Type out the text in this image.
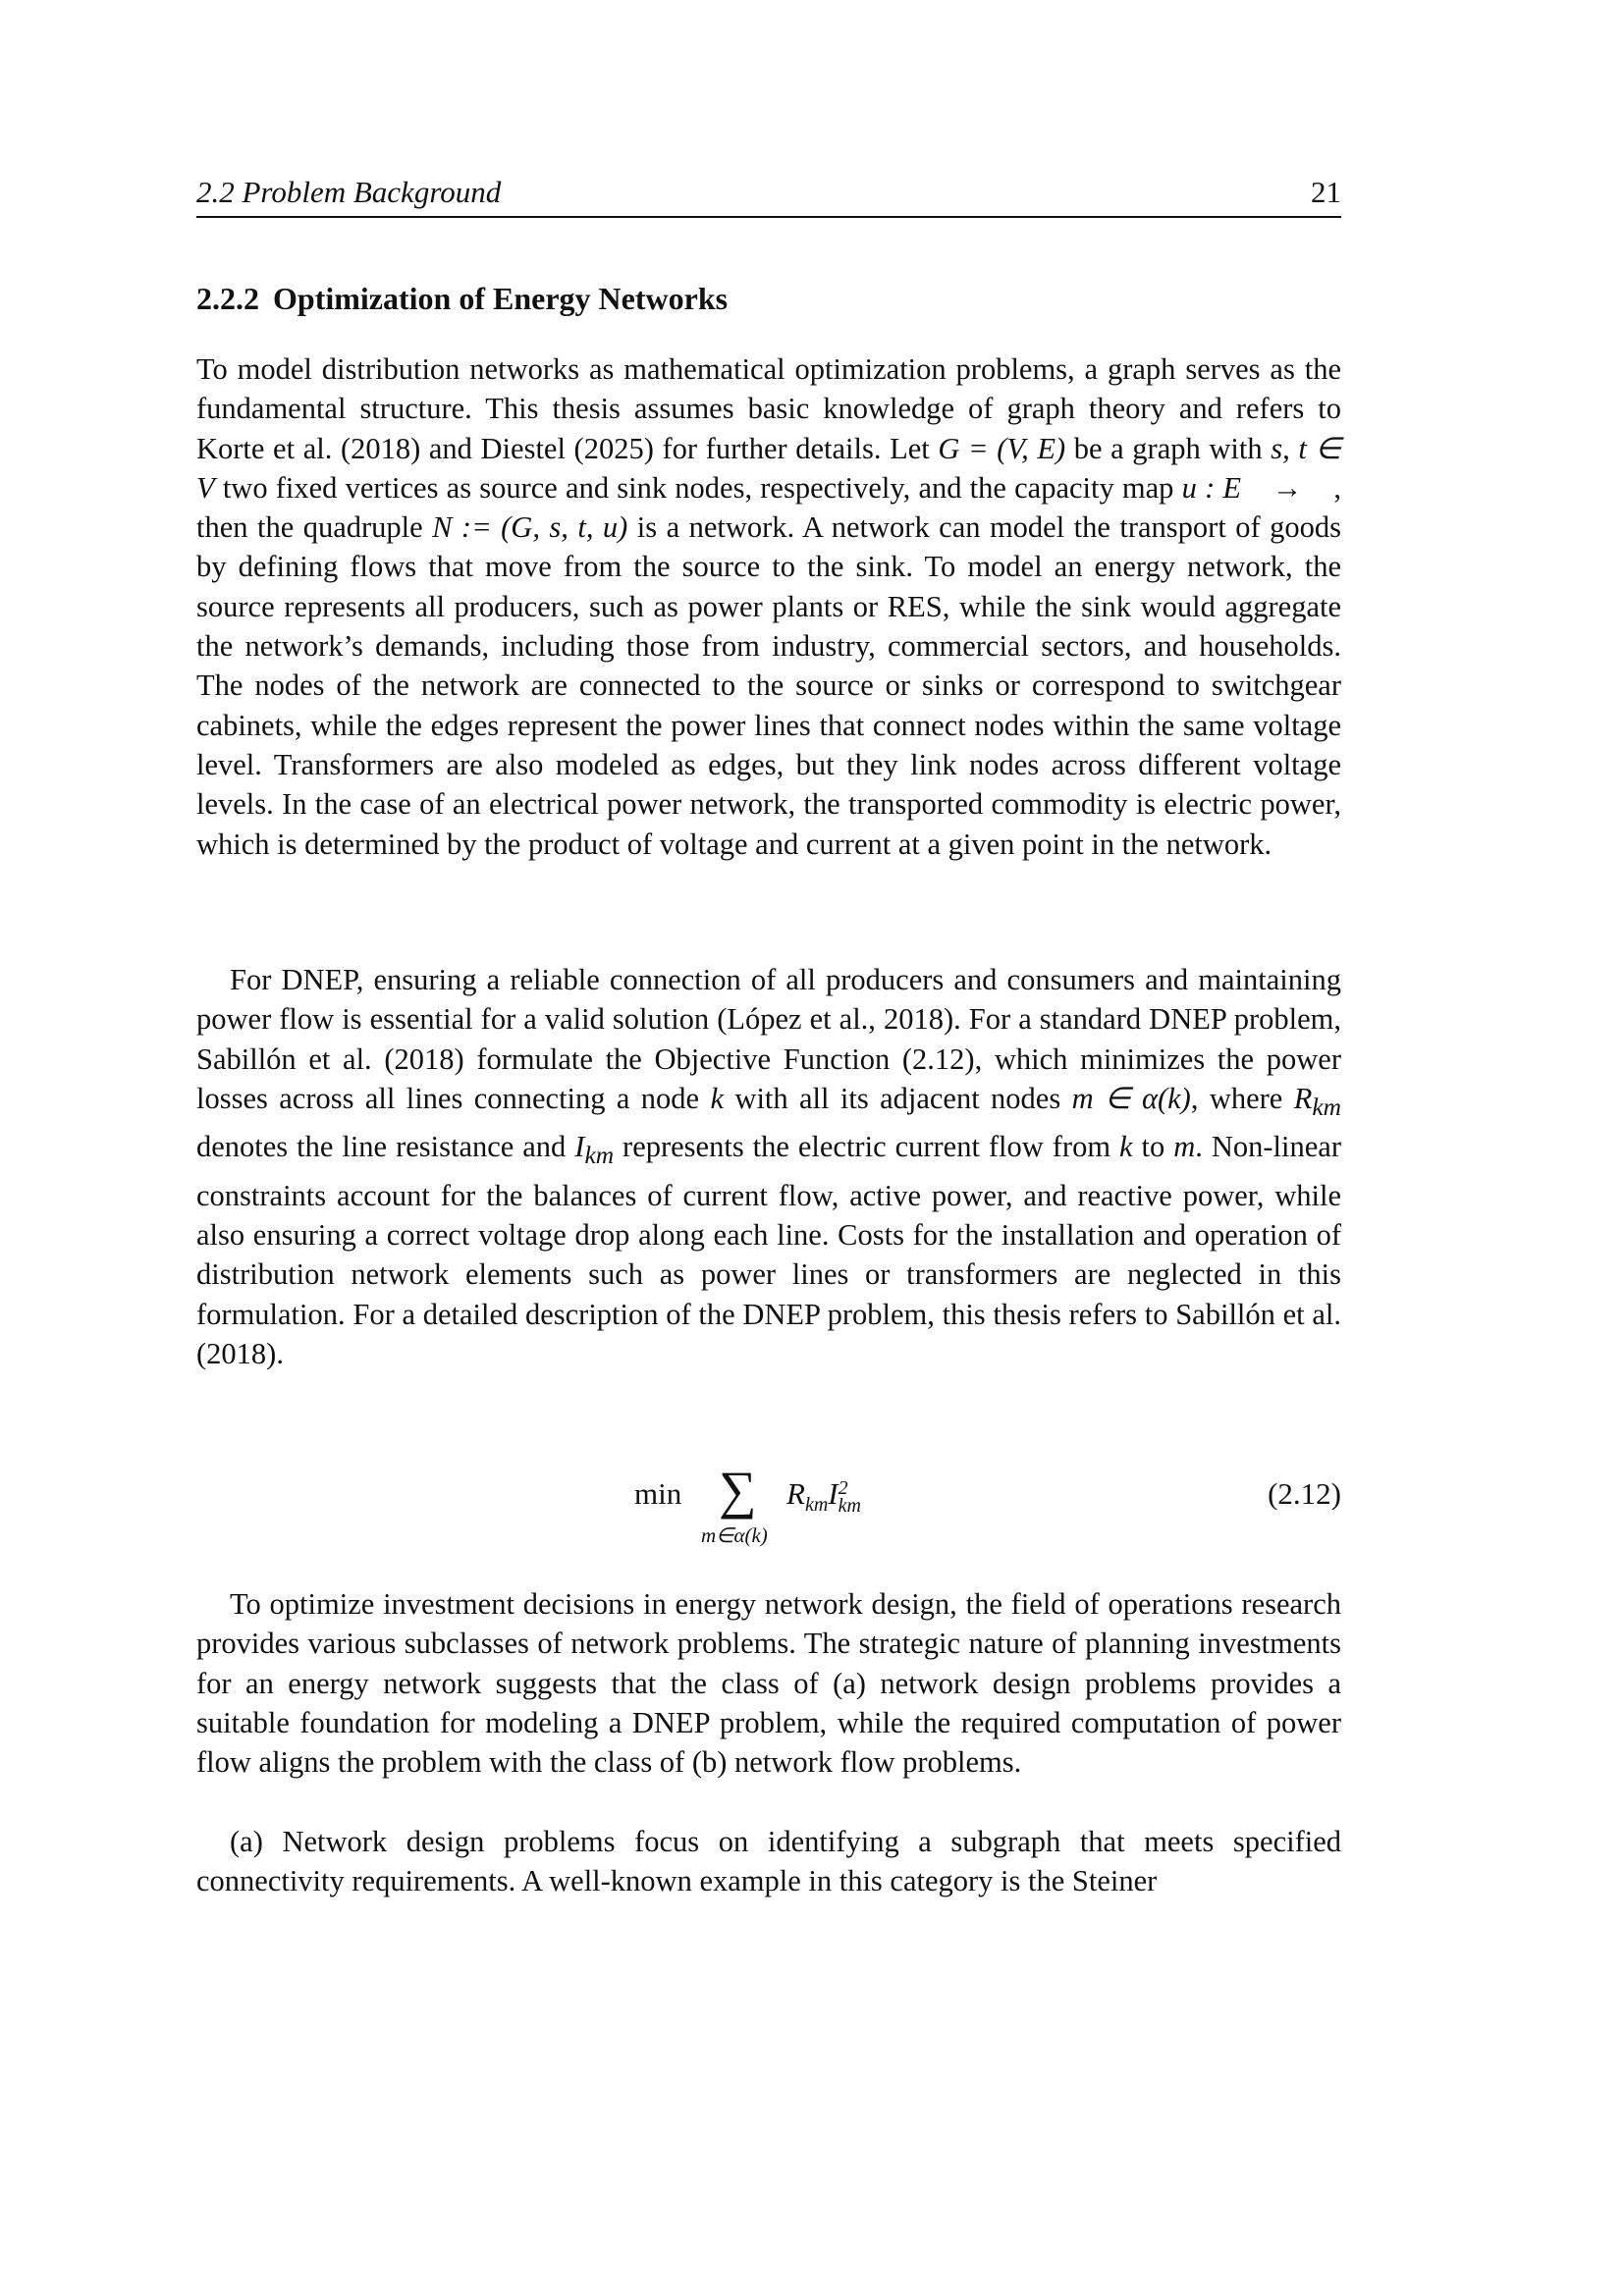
2.2 Problem Background	21
2.2.2 Optimization of Energy Networks

To model distribution networks as mathematical optimization problems, a graph serves as the fundamental structure. This thesis assumes basic knowledge of graph theory and refers to Korte et al. (2018) and Diestel (2025) for further details. Let G = (V, E) be a graph with s, t ∈ V two fixed vertices as source and sink nodes, respectively, and the capacity map u : E⃗ → ℕ, then the quadruple N := (G, s, t, u) is a network. A network can model the transport of goods by defining flows that move from the source to the sink. To model an energy network, the source represents all producers, such as power plants or RES, while the sink would aggregate the network’s demands, including those from industry, commercial sectors, and households. The nodes of the network are connected to the source or sinks or correspond to switchgear cabinets, while the edges represent the power lines that connect nodes within the same voltage level. Transformers are also modeled as edges, but they link nodes across different voltage levels. In the case of an electrical power network, the transported commodity is electric power, which is determined by the product of voltage and current at a given point in the network.

For DNEP, ensuring a reliable connection of all producers and consumers and maintaining power flow is essential for a valid solution (López et al., 2018). For a standard DNEP problem, Sabillón et al. (2018) formulate the Objective Function (2.12), which minimizes the power losses across all lines connecting a node k with all its adjacent nodes m ∈ α(k), where $R_{km}$ denotes the line resistance and $I_{km}$ represents the electric current flow from k to m. Non-linear constraints account for the balances of current flow, active power, and reactive power, while also ensuring a correct voltage drop along each line. Costs for the installation and operation of distribution network elements such as power lines or transformers are neglected in this formulation. For a detailed description of the DNEP problem, this thesis refers to Sabillón et al. (2018).

min ∑
m∈α(k)
$R_{km}I$ 2
km	(2.12)

To optimize investment decisions in energy network design, the field of operations research provides various subclasses of network problems. The strategic nature of planning investments for an energy network suggests that the class of (a) network design problems provides a suitable foundation for modeling a DNEP problem, while the required computation of power flow aligns the problem with the class of (b) network flow problems.

(a) Network design problems focus on identifying a subgraph that meets specified connectivity requirements. A well-known example in this category is the Steiner
